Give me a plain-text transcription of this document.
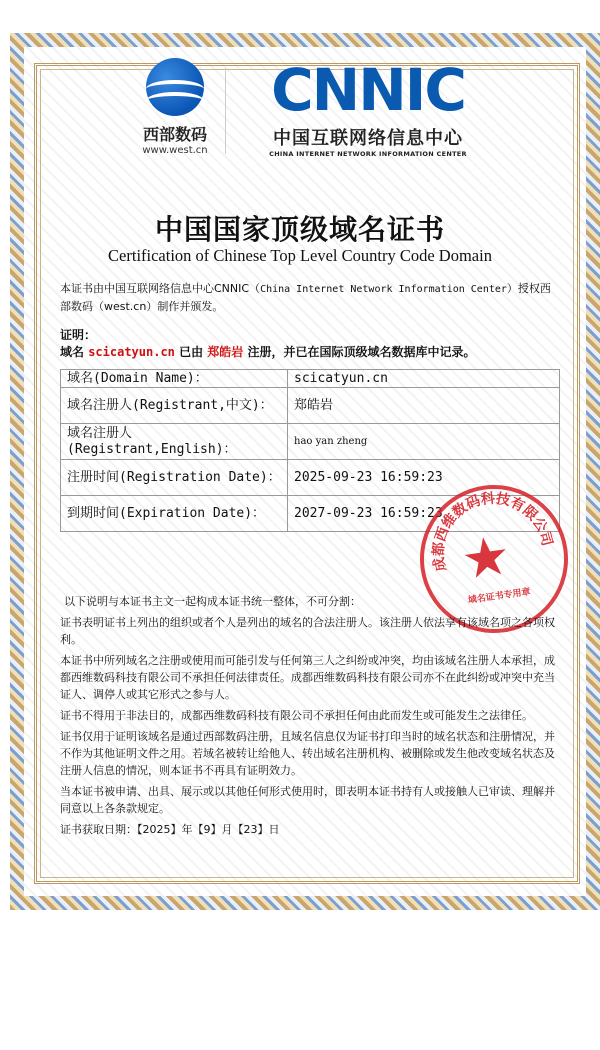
西部数码
www.west.cn
CNNIC
中国互联网络信息中心
CHINA INTERNET NETWORK INFORMATION CENTER
中国国家顶级域名证书
Certification of Chinese Top Level Country Code Domain
本证书由中国互联网络信息中心CNNIC（China Internet Network Information Center）授权西部数码（west.cn）制作并颁发。
证明：
域名 scicatyun.cn 已由 郑皓岩 注册，并已在国际顶级域名数据库中记录。
域名(Domain Name)：	scicatyun.cn
域名注册人(Registrant,中文)：	郑皓岩
域名注册人(Registrant,English)：	hao yan zheng
注册时间(Registration Date)：	2025-09-23 16:59:23
到期时间(Expiration Date)：	2027-09-23 16:59:23
成都西维数码科技有限公司
★
域名证书专用章

以下说明与本证书主文一起构成本证书统一整体，不可分割：

证书表明证书上列出的组织或者个人是列出的域名的合法注册人。该注册人依法享有该域名项之各项权利。

本证书中所列域名之注册或使用而可能引发与任何第三人之纠纷或冲突，均由该域名注册人本承担，成都西维数码科技有限公司不承担任何法律责任。成都西维数码科技有限公司亦不在此纠纷或冲突中充当证人、调停人或其它形式之参与人。

证书不得用于非法目的，成都西维数码科技有限公司不承担任何由此而发生或可能发生之法律任。

证书仅用于证明该域名是通过西部数码注册，且域名信息仅为证书打印当时的域名状态和注册情况，并不作为其他证明文件之用。若域名被转让给他人、转出域名注册机构、被删除或发生他改变域名状态及注册人信息的情况，则本证书不再具有证明效力。

当本证书被申请、出具、展示或以其他任何形式使用时，即表明本证书持有人或接触人已审读、理解并同意以上各条款规定。

证书获取日期：【2025】年【9】月【23】日
